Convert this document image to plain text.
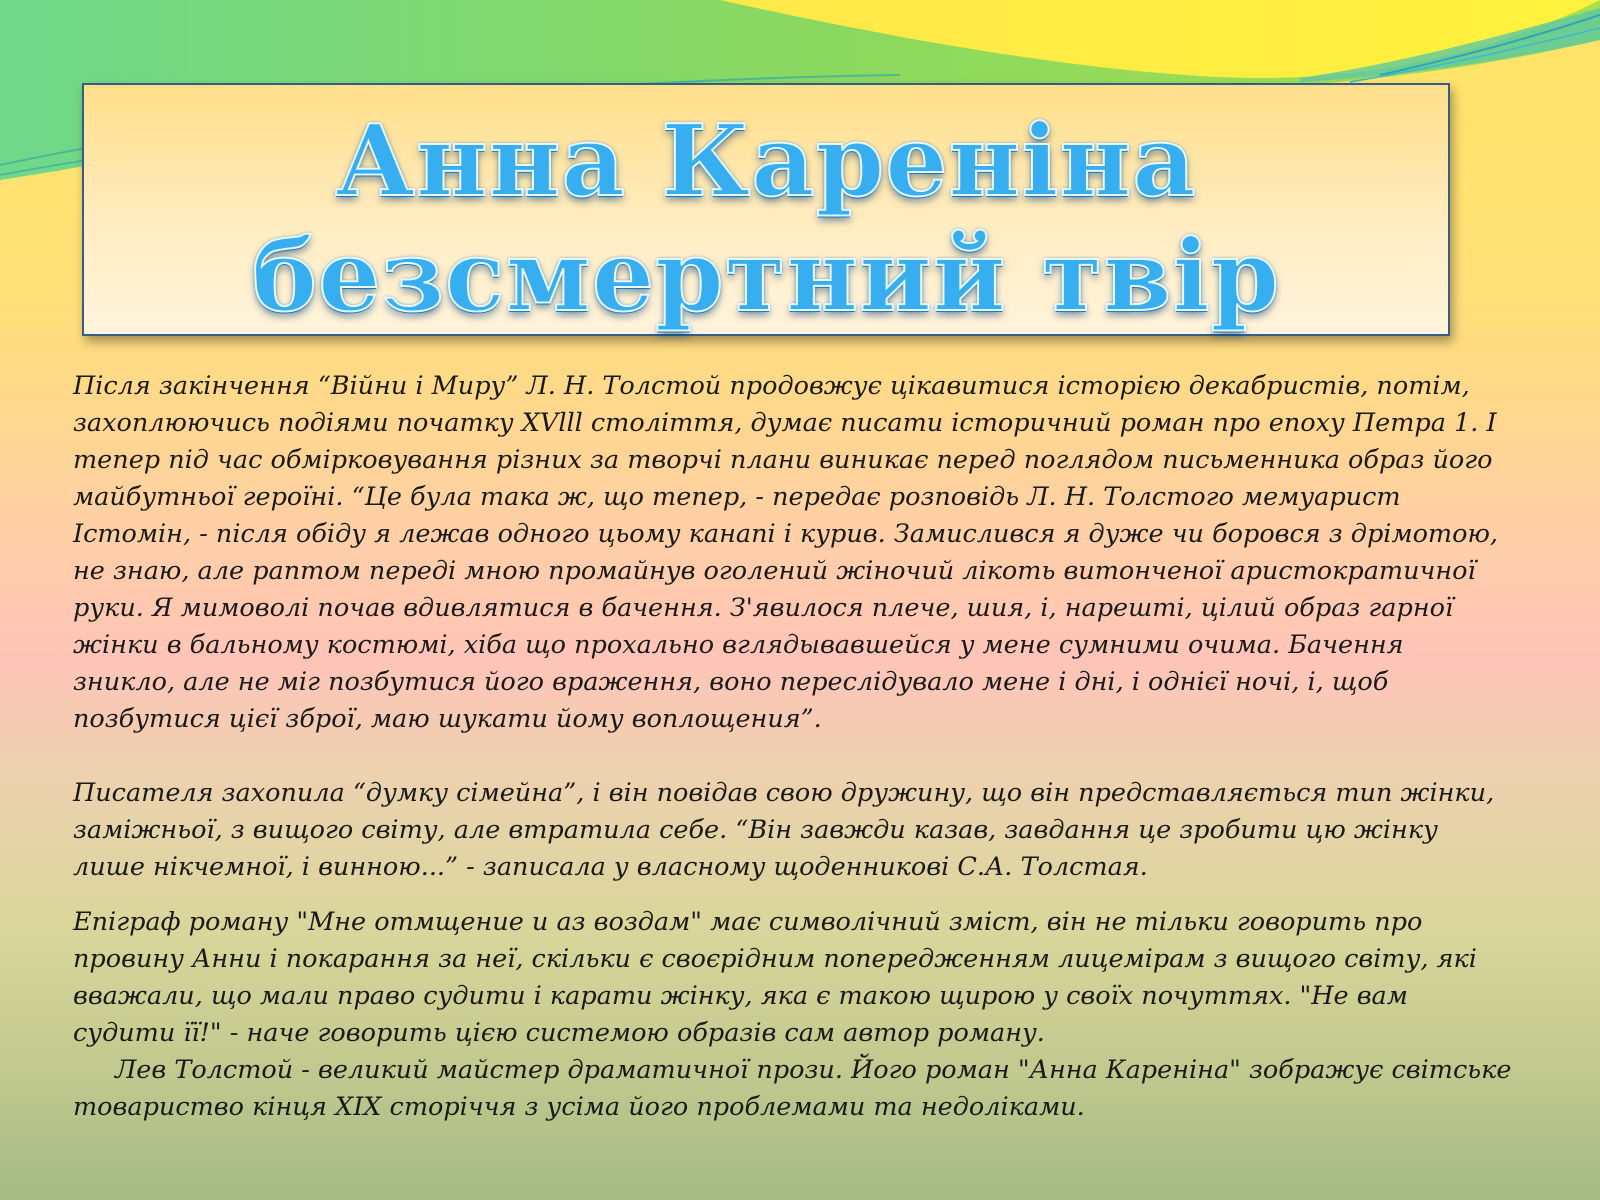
Анна Кареніна
безсмертний твір

Після закінчення “Війни і Миру” Л. Н. Толстой продовжує цікавитися історією декабристів, потім, захоплюючись подіями початку XVlll століття, думає писати історичний роман про епоху Петра 1. І тепер під час обмірковування різних за творчі плани виникає перед поглядом письменника образ його майбутньої героїні. “Це була така ж, що тепер, - передає розповідь Л. Н. Толстого мемуарист Істомін, - після обіду я лежав одного цьому канапі і курив. Замислився я дуже чи боровся з дрімотою, не знаю, але раптом переді мною промайнув оголений жіночий лікоть витонченої аристократичної руки. Я мимоволі почав вдивлятися в бачення. З'явилося плече, шия, і, нарешті, цілий образ гарної жінки в бальному костюмі, хіба що прохально вглядывавшейся у мене сумними очима. Бачення зникло, але не міг позбутися його враження, воно переслідувало мене і дні, і однієї ночі, і, щоб позбутися цієї зброї, маю шукати йому воплощения”.

Писателя захопила “думку сімейна”, і він повідав свою дружину, що він представляється тип жінки, заміжньої, з вищого світу, але втратила себе. “Він завжди казав, завдання це зробити цю жінку лише нікчемної, і винною...” - записала у власному щоденникові С.А. Толстая.

Епіграф роману "Мне отмщение и аз воздам" має символічний зміст, він не тільки говорить про провину Анни і покарання за неї, скільки є своєрідним попередженням лицемірам з вищого світу, які вважали, що мали право судити і карати жінку, яка є такою щирою у своїх почуттях. "Не вам судити її!" - наче говорить цією системою образів сам автор роману.

Лев Толстой - великий майстер драматичної прози. Його роман "Анна Кареніна" зображує світське товариство кінця XIX сторіччя з усіма його проблемами та недоліками.
